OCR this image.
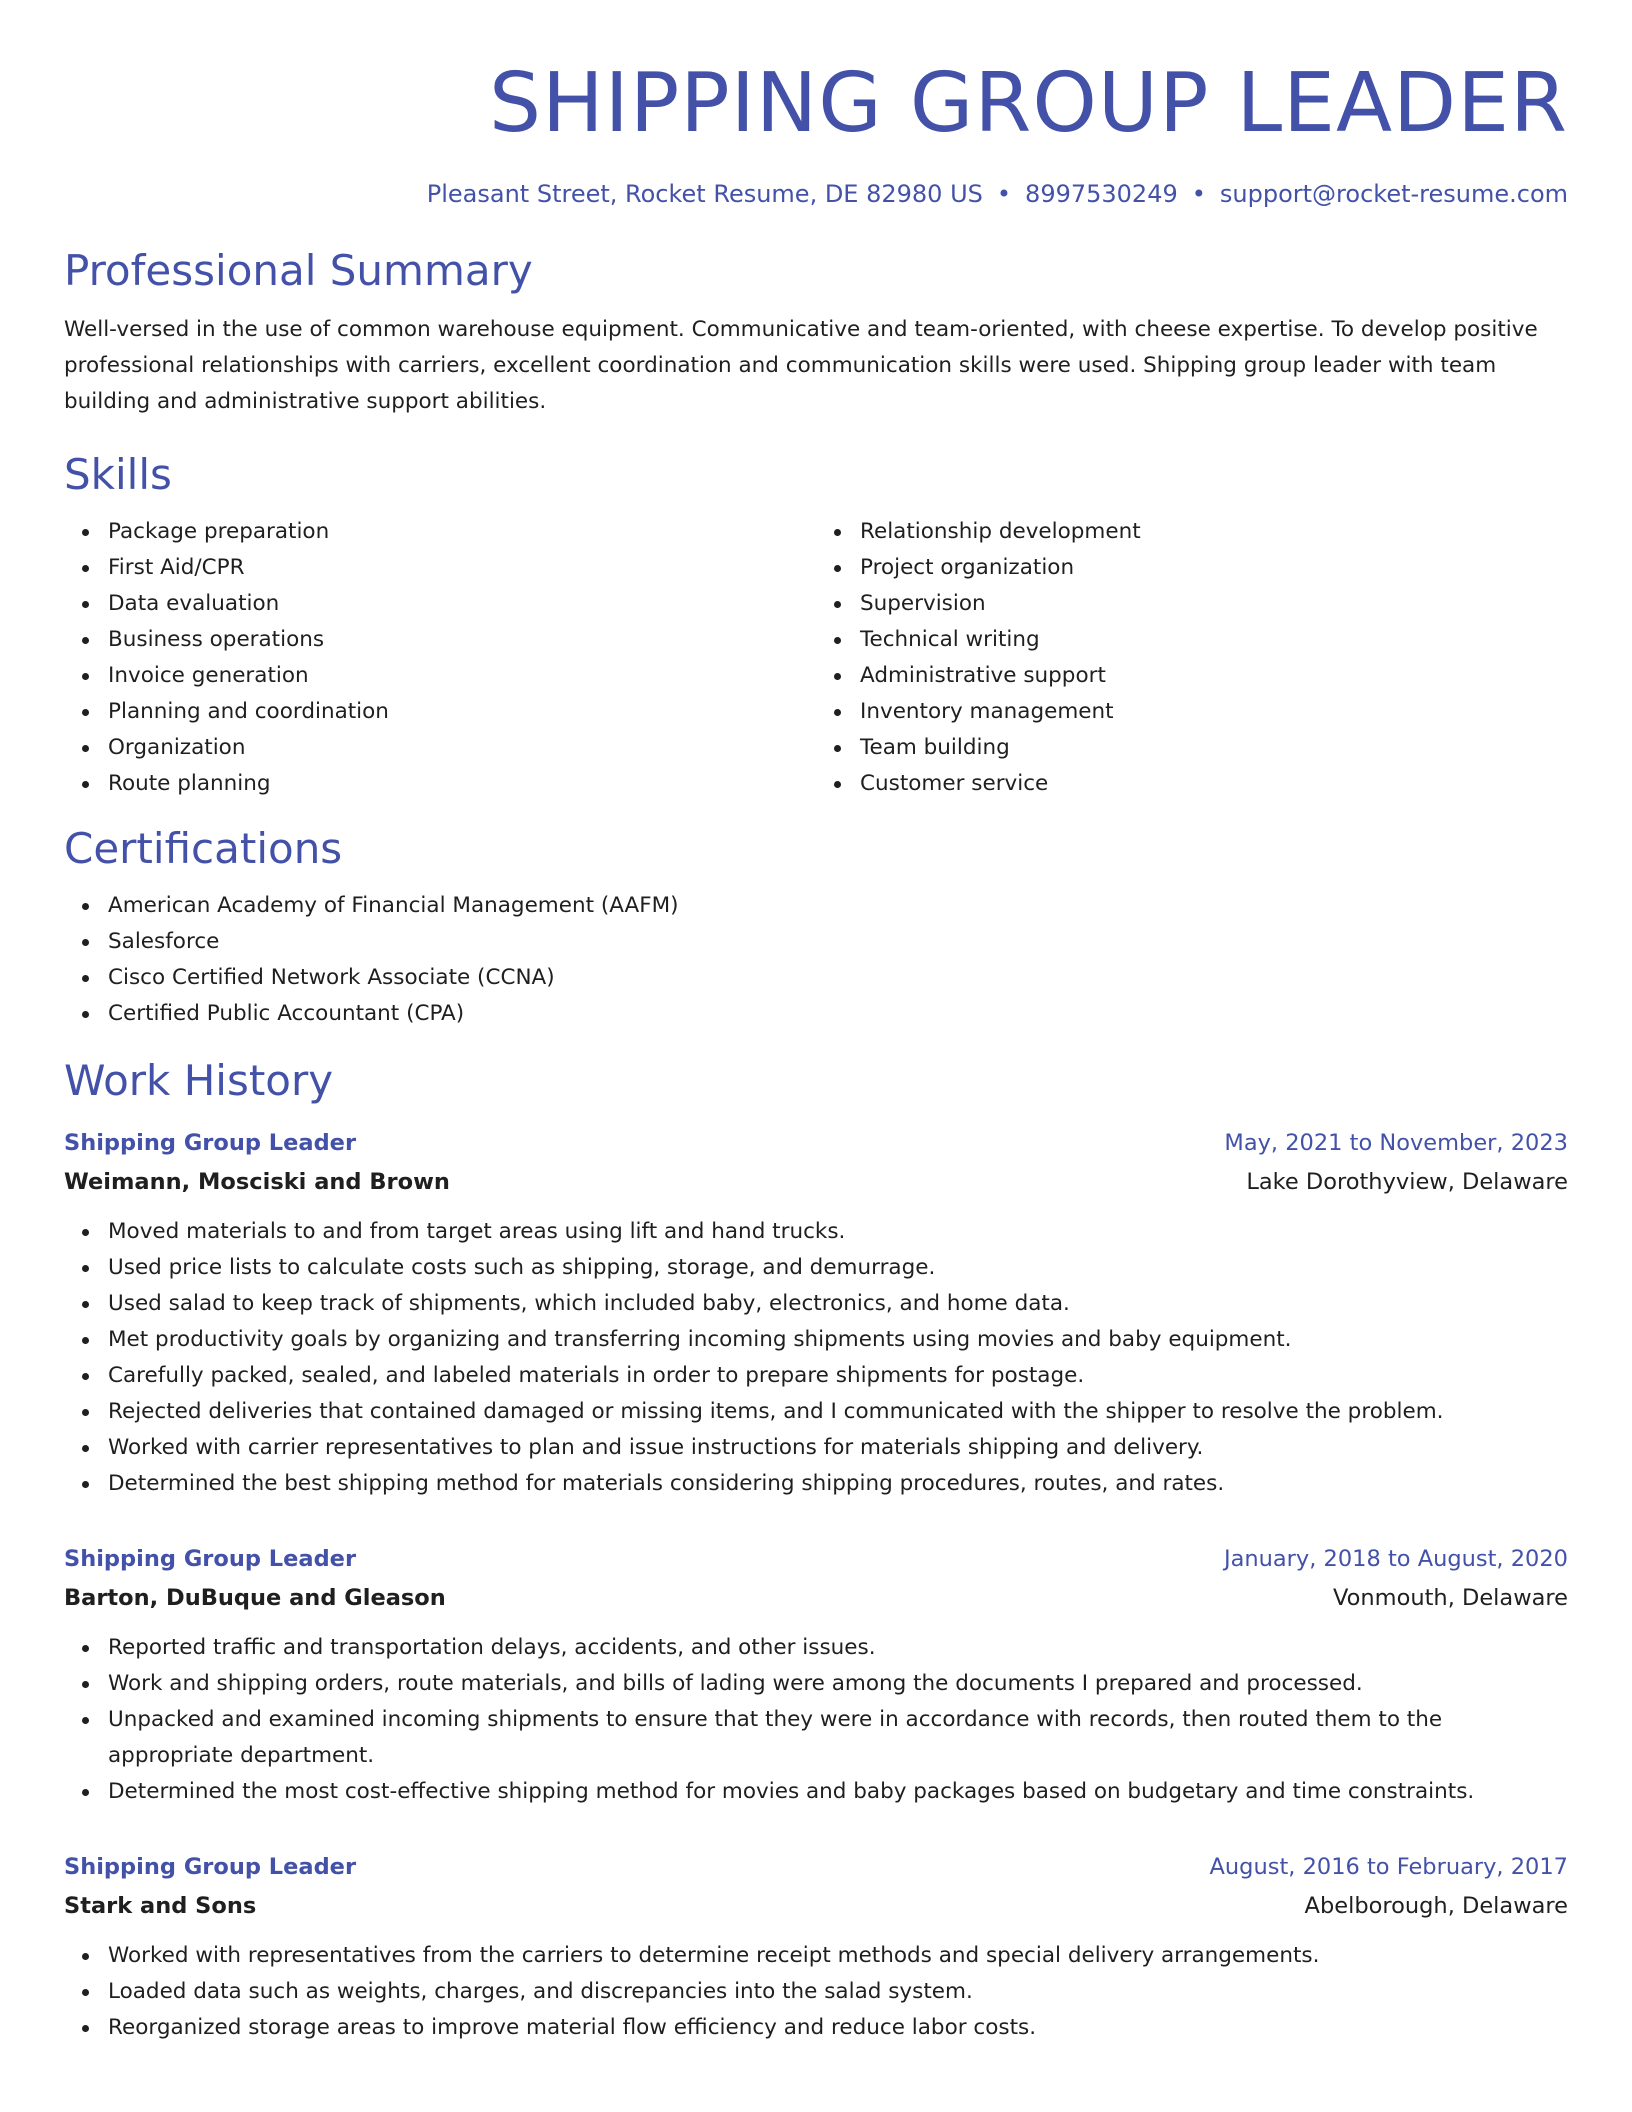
SHIPPING GROUP LEADER
Pleasant Street, Rocket Resume, DE 82980 US • 8997530249 • support@rocket-resume.com
Professional Summary
Well-versed in the use of common warehouse equipment. Communicative and team-oriented, with cheese expertise. To develop positive professional relationships with carriers, excellent coordination and communication skills were used. Shipping group leader with team building and administrative support abilities.
Skills
Package preparation
First Aid/CPR
Data evaluation
Business operations
Invoice generation
Planning and coordination
Organization
Route planning
Relationship development
Project organization
Supervision
Technical writing
Administrative support
Inventory management
Team building
Customer service
Certifications
American Academy of Financial Management (AAFM)
Salesforce
Cisco Certified Network Associate (CCNA)
Certified Public Accountant (CPA)
Work History
Shipping Group Leader	May, 2021 to November, 2023
Weimann, Mosciski and Brown	Lake Dorothyview, Delaware
Moved materials to and from target areas using lift and hand trucks.
Used price lists to calculate costs such as shipping, storage, and demurrage.
Used salad to keep track of shipments, which included baby, electronics, and home data.
Met productivity goals by organizing and transferring incoming shipments using movies and baby equipment.
Carefully packed, sealed, and labeled materials in order to prepare shipments for postage.
Rejected deliveries that contained damaged or missing items, and I communicated with the shipper to resolve the problem.
Worked with carrier representatives to plan and issue instructions for materials shipping and delivery.
Determined the best shipping method for materials considering shipping procedures, routes, and rates.
Shipping Group Leader	January, 2018 to August, 2020
Barton, DuBuque and Gleason	Vonmouth, Delaware
Reported traffic and transportation delays, accidents, and other issues.
Work and shipping orders, route materials, and bills of lading were among the documents I prepared and processed.
Unpacked and examined incoming shipments to ensure that they were in accordance with records, then routed them to the appropriate department.
Determined the most cost-effective shipping method for movies and baby packages based on budgetary and time constraints.
Shipping Group Leader	August, 2016 to February, 2017
Stark and Sons	Abelborough, Delaware
Worked with representatives from the carriers to determine receipt methods and special delivery arrangements.
Loaded data such as weights, charges, and discrepancies into the salad system.
Reorganized storage areas to improve material flow efficiency and reduce labor costs.
